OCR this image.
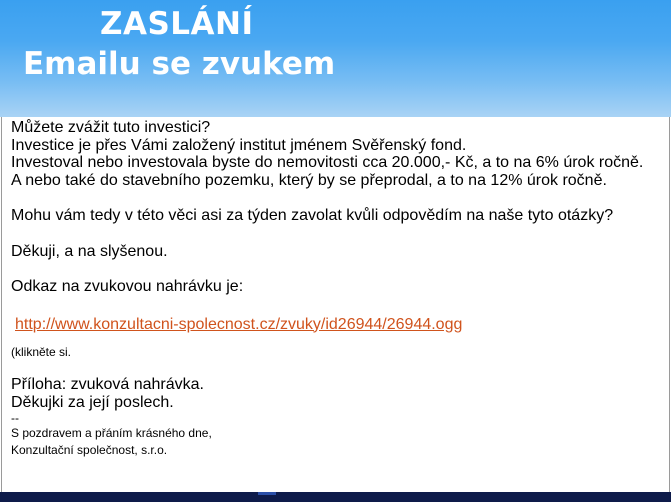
ZASLÁNÍ
Emailu se zvukem

Můžete zvážit tuto investici?

Investice je přes Vámi založený institut jménem Svěřenský fond.

Investoval nebo investovala byste do nemovitosti cca 20.000,- Kč, a to na 6% úrok ročně.

A nebo také do stavebního pozemku, který by se přeprodal, a to na 12% úrok ročně.

Mohu vám tedy v této věci asi za týden zavolat kvůli odpovědím na naše tyto otázky?

Děkuji, a na slyšenou.

Odkaz na zvukovou nahrávku je:

http://www.konzultacni-spolecnost.cz/zvuky/id26944/26944.ogg

(klikněte si.

Příloha: zvuková nahrávka.

Děkujki za její poslech.

--

S pozdravem a přáním krásného dne,

Konzultační společnost, s.r.o.
